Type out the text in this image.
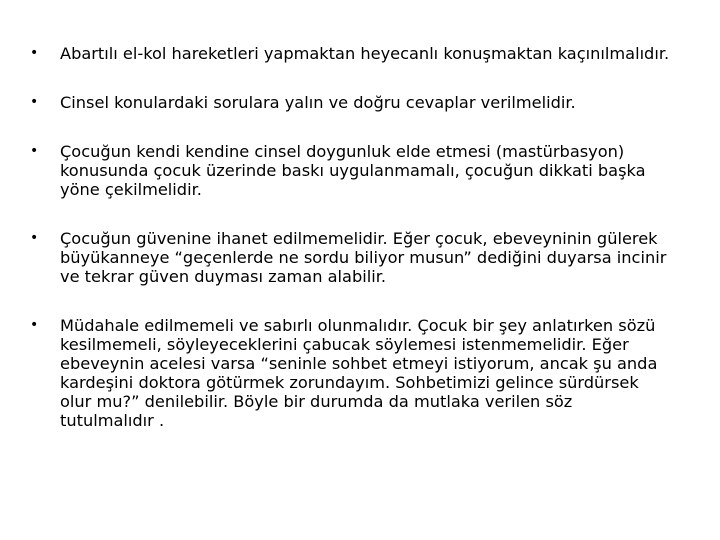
• Abartılı el-kol hareketleri yapmaktan heyecanlı konuşmaktan kaçınılmalıdır.
• Cinsel konulardaki sorulara yalın ve doğru cevaplar verilmelidir.
• Çocuğun kendi kendine cinsel doygunluk elde etmesi (mastürbasyon) konusunda çocuk üzerinde baskı uygulanmamalı, çocuğun dikkati başka yöne çekilmelidir.
• Çocuğun güvenine ihanet edilmemelidir. Eğer çocuk, ebeveyninin gülerek büyükanneye “geçenlerde ne sordu biliyor musun” dediğini duyarsa incinir ve tekrar güven duyması zaman alabilir.
• Müdahale edilmemeli ve sabırlı olunmalıdır. Çocuk bir şey anlatırken sözü kesilmemeli, söyleyeceklerini çabucak söylemesi istenmemelidir. Eğer ebeveynin acelesi varsa “seninle sohbet etmeyi istiyorum, ancak şu anda kardeşini doktora götürmek zorundayım. Sohbetimizi gelince sürdürsek olur mu?” denilebilir. Böyle bir durumda da mutlaka verilen söz tutulmalıdır .
